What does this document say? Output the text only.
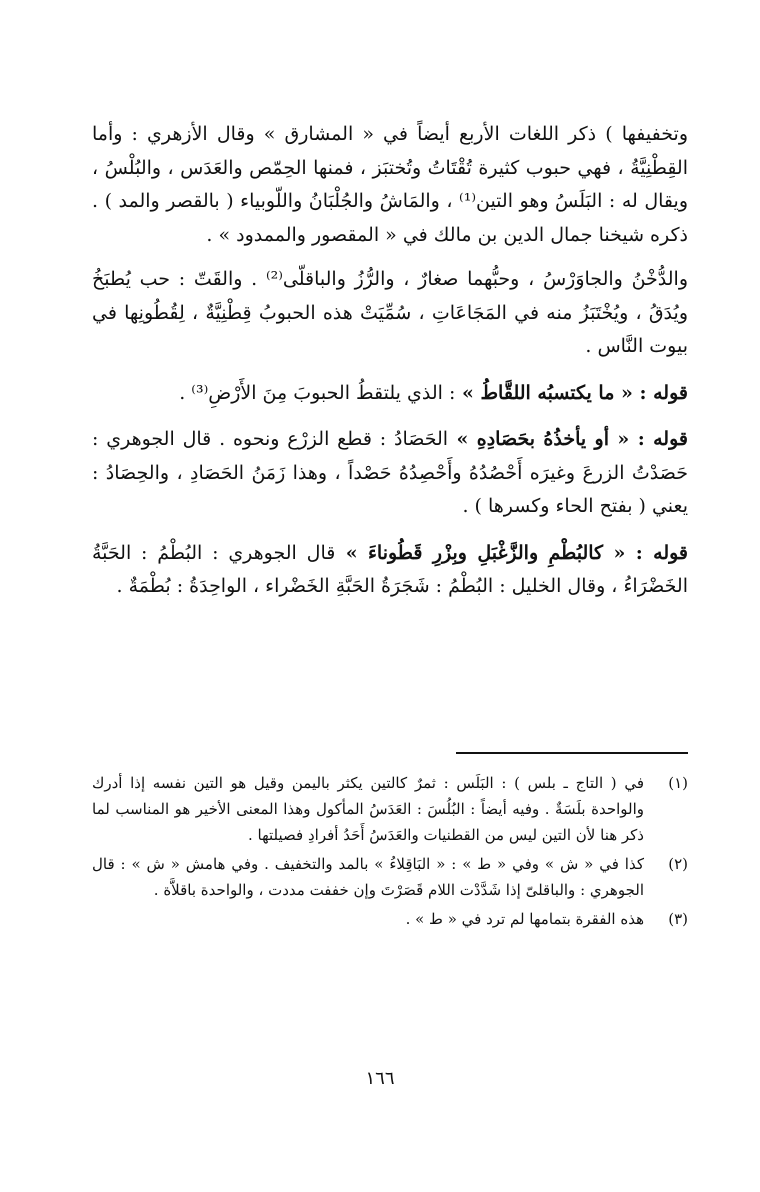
وتخفيفها ) ذكر اللغات الأربع أيضاً في « المشارق » وقال الأزهري : وأما القِطْنِيَّةُ ، فهي حبوب كثيرة تُقْتَاتُ وتُختبَز ، فمنها الحِمّص والعَدَس ، والبُلْسُ ، ويقال له : البَلَسُ وهو التين⁽¹⁾ ، والمَاشُ والجُلْبَانُ واللّوبياء ( بالقصر والمد ) . ذكره شيخنا جمال الدين بن مالك في « المقصور والممدود » .

والدُّخْنُ والجاوَرْسُ ، وحبُّهما صغارٌ ، والرُّزُ والباقلّى⁽²⁾ . والقَتّ : حب يُطبَخُ ويُدَقُ ، ويُخْتَبَزُ منه في المَجَاعَاتِ ، سُمِّيَتْ هذه الحبوبُ قِطْنِيَّةٌ ، لِقُطُونِها في بيوت النَّاس .

قوله : « ما يكتسبُه اللقَّاطُ » : الذي يلتقطُ الحبوبَ مِنَ الأَرْضِ⁽³⁾ .

قوله : « أو يأخذُهُ بحَصَادِهِ » الحَصَادُ : قطع الزرْع ونحوه . قال الجوهري : حَصَدْتُ الزرعَ وغيرَه أَحْصُدُهُ وأَحْصِدُهُ حَصْداً ، وهذا زَمَنُ الحَصَادِ ، والحِصَادُ : يعني ( بفتح الحاء وكسرها ) .

قوله : « كالبُطْمِ والزَّغْبَلِ وبِزْرِ قَطُوناءَ » قال الجوهري : البُطْمُ : الحَبَّةُ الخَضْرَاءُ ، وقال الخليل : البُطْمُ : شَجَرَةُ الحَبَّةِ الخَضْراء ، الواحِدَةُ : بُطْمَةٌ .

(١)
في ( التاج ـ بلس ) : البَلَس : ثمرٌ كالتين يكثر باليمن وقيل هو التين نفسه إذا أدرك والواحدة بلَسَةٌ . وفيه أيضاً : البُلُسَ : العَدَسُ المأكول وهذا المعنى الأخير هو المناسب لما ذكر هنا لأن التين ليس من القطنيات والعَدَسُ أَحَدُ أفرادِ فصيلتها .

(٢)
كذا في « ش » وفي « ط » : « البَاقِلاءُ » بالمد والتخفيف . وفي هامش « ش » : قال الجوهري : والباقلىّ إذا شَدَّدْت اللام قَصَرْتَ وإن خففت مددت ، والواحدة باقلاَّة .

(٣)
هذه الفقرة بتمامها لم ترد في « ط » .

١٦٦
